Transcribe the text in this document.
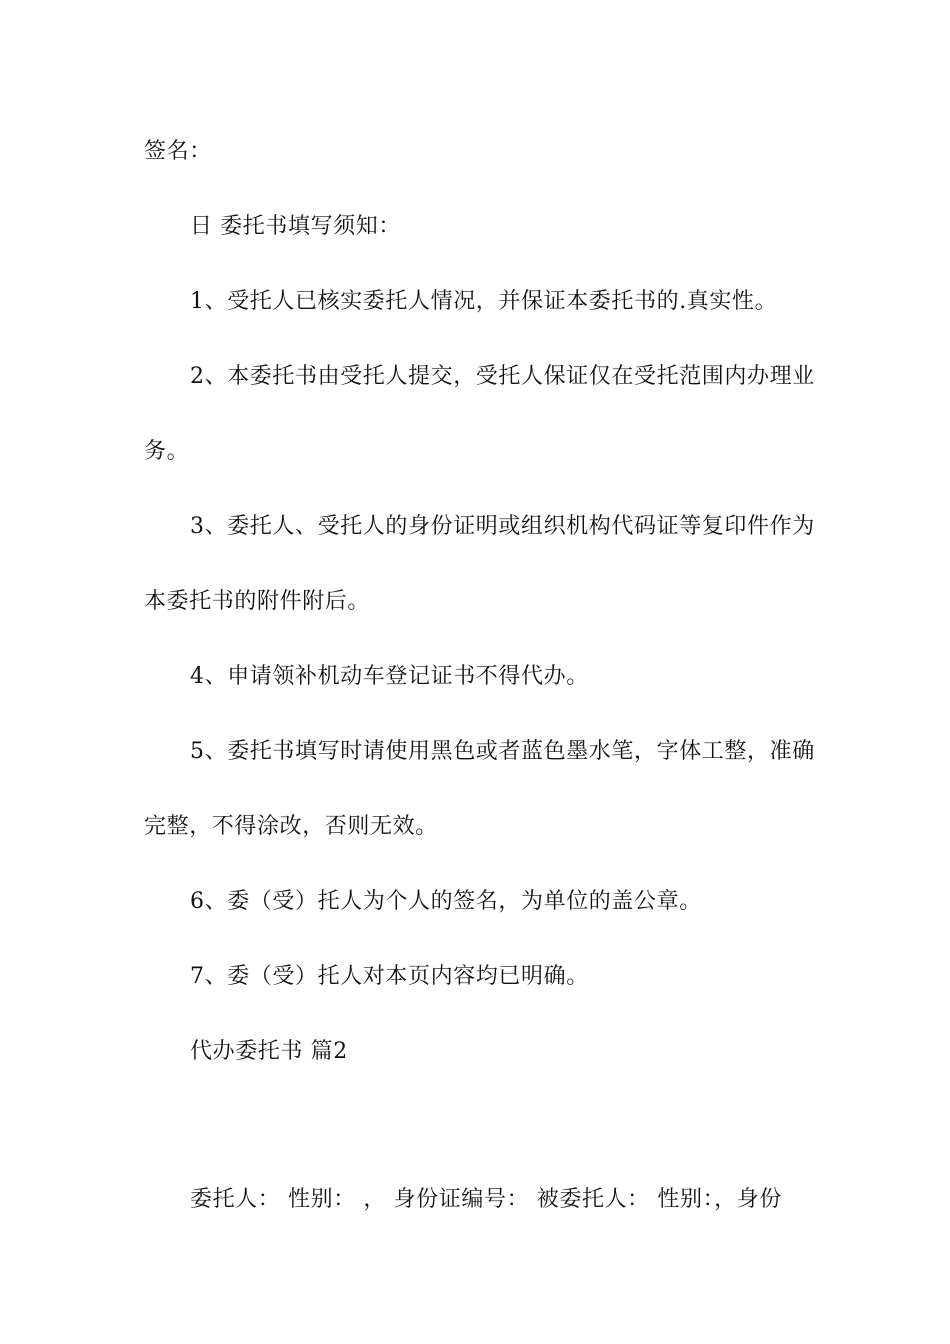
签名：
日 委托书填写须知：
1、受托人已核实委托人情况，并保证本委托书的.真实性。
2、本委托书由受托人提交，受托人保证仅在受托范围内办理业
务。
3、委托人、受托人的身份证明或组织机构代码证等复印件作为
本委托书的附件附后。
4、申请领补机动车登记证书不得代办。
5、委托书填写时请使用黑色或者蓝色墨水笔，字体工整，准确
完整，不得涂改，否则无效。
6、委（受）托人为个人的签名，为单位的盖公章。
7、委（受）托人对本页内容均已明确。
代办委托书 篇2
委托人： 性别： ， 身份证编号： 被委托人： 性别：，身份
